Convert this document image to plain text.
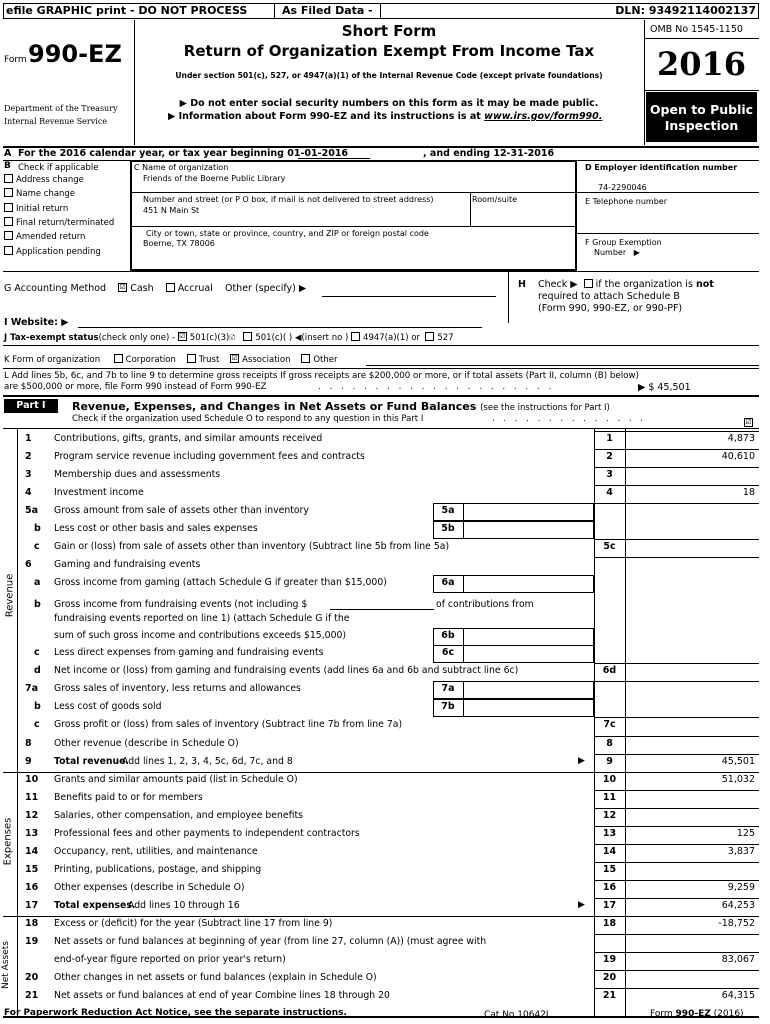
efile GRAPHIC print - DO NOT PROCESS	As Filed Data -	DLN: 93492114002137
Form 990-EZ
Department of the Treasury
Internal Revenue Service
Short Form
Return of Organization Exempt From Income Tax
Under section 501(c), 527, or 4947(a)(1) of the Internal Revenue Code (except private foundations)
▶ Do not enter social security numbers on this form as it may be made public.
▶ Information about Form 990-EZ and its instructions is at www.irs.gov/form990.
OMB No 1545-1150
2016
Open to Public
Inspection
A For the 2016 calendar year, or tax year beginning 01-01-2016	, and ending 12-31-2016
B Check if applicable
Address change
Name change
Initial return
Final return/terminated
Amended return
Application pending
C Name of organization
Friends of the Boerne Public Library
Number and street (or P O box, if mail is not delivered to street address)	Room/suite
451 N Main St
City or town, state or province, country, and ZIP or foreign postal code
Boerne, TX 78006
D Employer identification number
74-2290046
E Telephone number
F Group Exemption
Number ▶
G Accounting Method ☑ Cash	Accrual Other (specify) ▶	H Check ▶ if the organization is not
required to attach Schedule B
(Form 990, 990-EZ, or 990-PF)
I Website: ▶
J Tax-exempt status(check only one) - ☑ 501(c)(3)🗈 501(c)( ) ◀(insert no ) 4947(a)(1) or 527
K Form of organization	Corporation	Trust ☑ Association	Other
L Add lines 5b, 6c, and 7b to line 9 to determine gross receipts If gross receipts are $200,000 or more, or if total assets (Part II, column (B) below)
are $500,000 or more, file Form 990 instead of Form 990-EZ	. . . . . . . . . . . . . . . . . . . . .	▶ $ 45,501
Part I	Revenue, Expenses, and Changes in Net Assets or Fund Balances (see the instructions for Part I)
Check if the organization used Schedule O to respond to any question in this Part I	. . . . . . . . . . . . . .	☑
Revenue
Expenses
Net Assets
1 Contributions, gifts, grants, and similar amounts received	1	4,873
2 Program service revenue including government fees and contracts	2	40,610
3 Membership dues and assessments	3
4 Investment income	4	18
5a Gross amount from sale of assets other than inventory	5a
b Less cost or other basis and sales expenses	5b
c Gain or (loss) from sale of assets other than inventory (Subtract line 5b from line 5a)	5c
6 Gaming and fundraising events
a Gross income from gaming (attach Schedule G if greater than $15,000)	6a
b Gross income from fundraising events (not including $	of contributions from
fundraising events reported on line 1) (attach Schedule G if the
sum of such gross income and contributions exceeds $15,000)	6b
c Less direct expenses from gaming and fundraising events	6c
d Net income or (loss) from gaming and fundraising events (add lines 6a and 6b and subtract line 6c)	6d
7a Gross sales of inventory, less returns and allowances	7a
b Less cost of goods sold	7b
c Gross profit or (loss) from sales of inventory (Subtract line 7b from line 7a)	7c
8 Other revenue (describe in Schedule O)	8
9 Total revenue.
Add lines 1, 2, 3, 4, 5c, 6d, 7c, and 8	9	45,501
▶
10 Grants and similar amounts paid (list in Schedule O)	10	51,032
11 Benefits paid to or for members	11
12 Salaries, other compensation, and employee benefits	12
13 Professional fees and other payments to independent contractors	13	125
14 Occupancy, rent, utilities, and maintenance	14	3,837
15 Printing, publications, postage, and shipping	15
16 Other expenses (describe in Schedule O)	16	9,259
17 Total expenses.
Add lines 10 through 16	17	64,253
▶
18 Excess or (deficit) for the year (Subtract line 17 from line 9)	18	-18,752
19 Net assets or fund balances at beginning of year (from line 27, column (A)) (must agree with
end-of-year figure reported on prior year's return)	19	83,067
20 Other changes in net assets or fund balances (explain in Schedule O)	20
21 Net assets or fund balances at end of year Combine lines 18 through 20	21	64,315
For Paperwork Reduction Act Notice, see the separate instructions.	Cat No 10642I	Form 990-EZ (2016)
